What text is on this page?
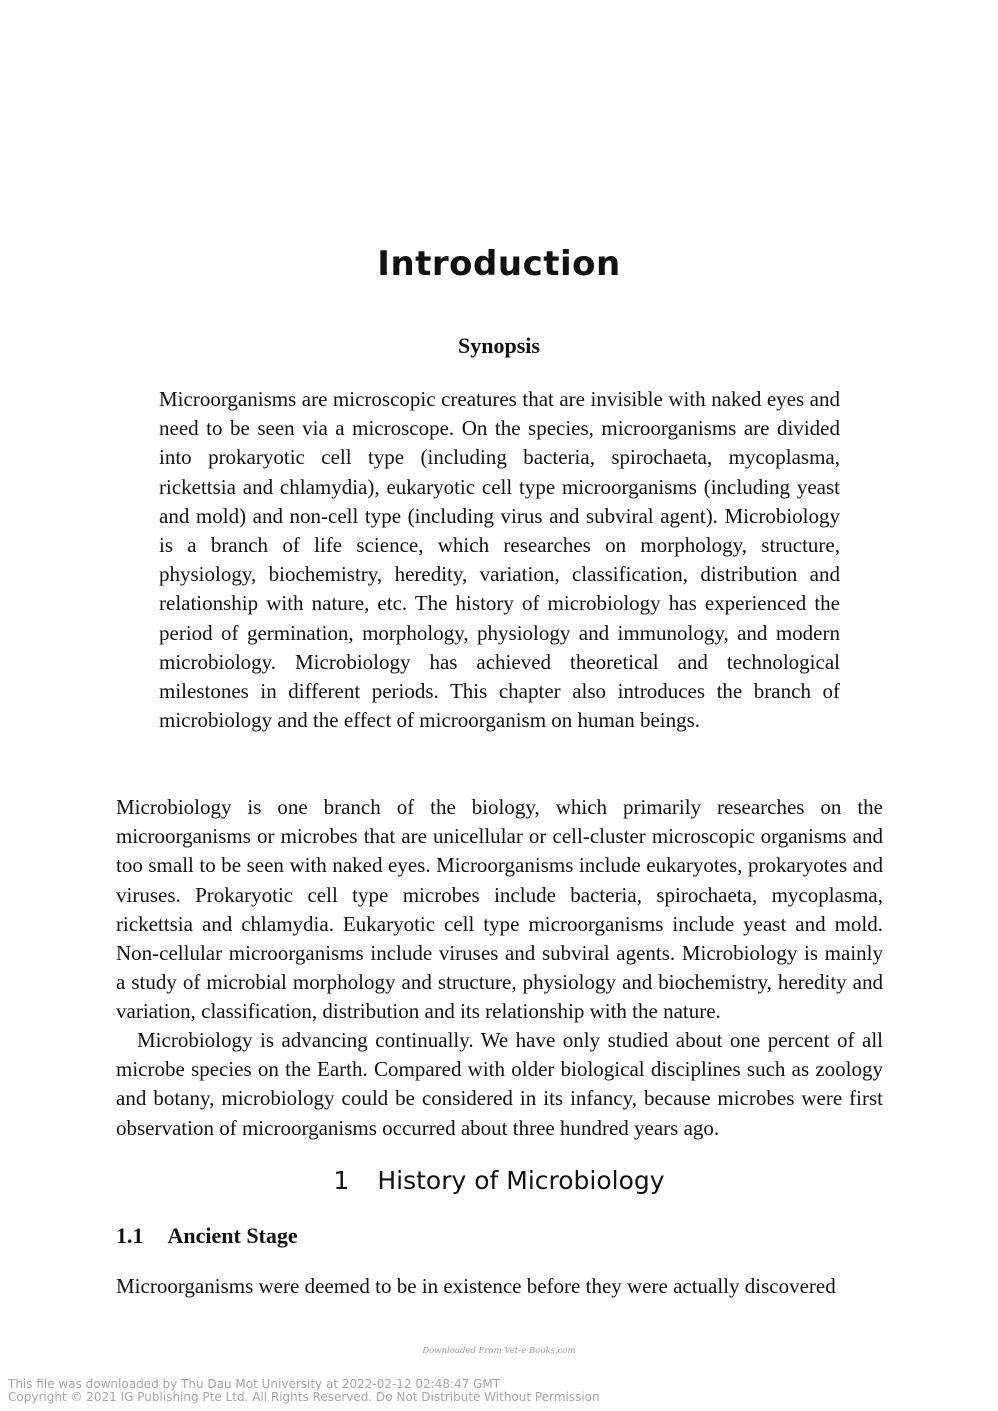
Introduction
Synopsis

Microorganisms are microscopic creatures that are invisible with naked eyes and need to be seen via a microscope. On the species, microorganisms are divided into prokaryotic cell type (including bacteria, spirochaeta, mycoplasma, rickettsia and chlamydia), eukaryotic cell type microorganisms (including yeast and mold) and non-cell type (including virus and subviral agent). Microbiology is a branch of life science, which researches on morphology, structure, physiology, biochemistry, heredity, variation, classification, distribution and relationship with nature, etc. The history of microbiology has experienced the period of germination, morphology, physiology and immunology, and modern microbiology. Microbiology has achieved theoretical and technological milestones in different periods. This chapter also introduces the branch of microbiology and the effect of microorganism on human beings.

Microbiology is one branch of the biology, which primarily researches on the microorganisms or microbes that are unicellular or cell-cluster microscopic organisms and too small to be seen with naked eyes. Microorganisms include eukaryotes, prokaryotes and viruses. Prokaryotic cell type microbes include bacteria, spirochaeta, mycoplasma, rickettsia and chlamydia. Eukaryotic cell type microorganisms include yeast and mold. Non-cellular microorganisms include viruses and subviral agents. Microbiology is mainly a study of microbial morphology and structure, physiology and biochemistry, heredity and variation, classification, distribution and its relationship with the nature.

Microbiology is advancing continually. We have only studied about one percent of all microbe species on the Earth. Compared with older biological disciplines such as zoology and botany, microbiology could be considered in its infancy, because microbes were first observation of microorganisms occurred about three hundred years ago.

1 History of Microbiology
1.1 Ancient Stage

Microorganisms were deemed to be in existence before they were actually discovered

Downloaded From Vet-e-Books.com
This file was downloaded by Thu Dau Mot University at 2022-02-12 02:48:47 GMT
Copyright © 2021 IG Publishing Pte Ltd. All Rights Reserved. Do Not Distribute Without Permission
